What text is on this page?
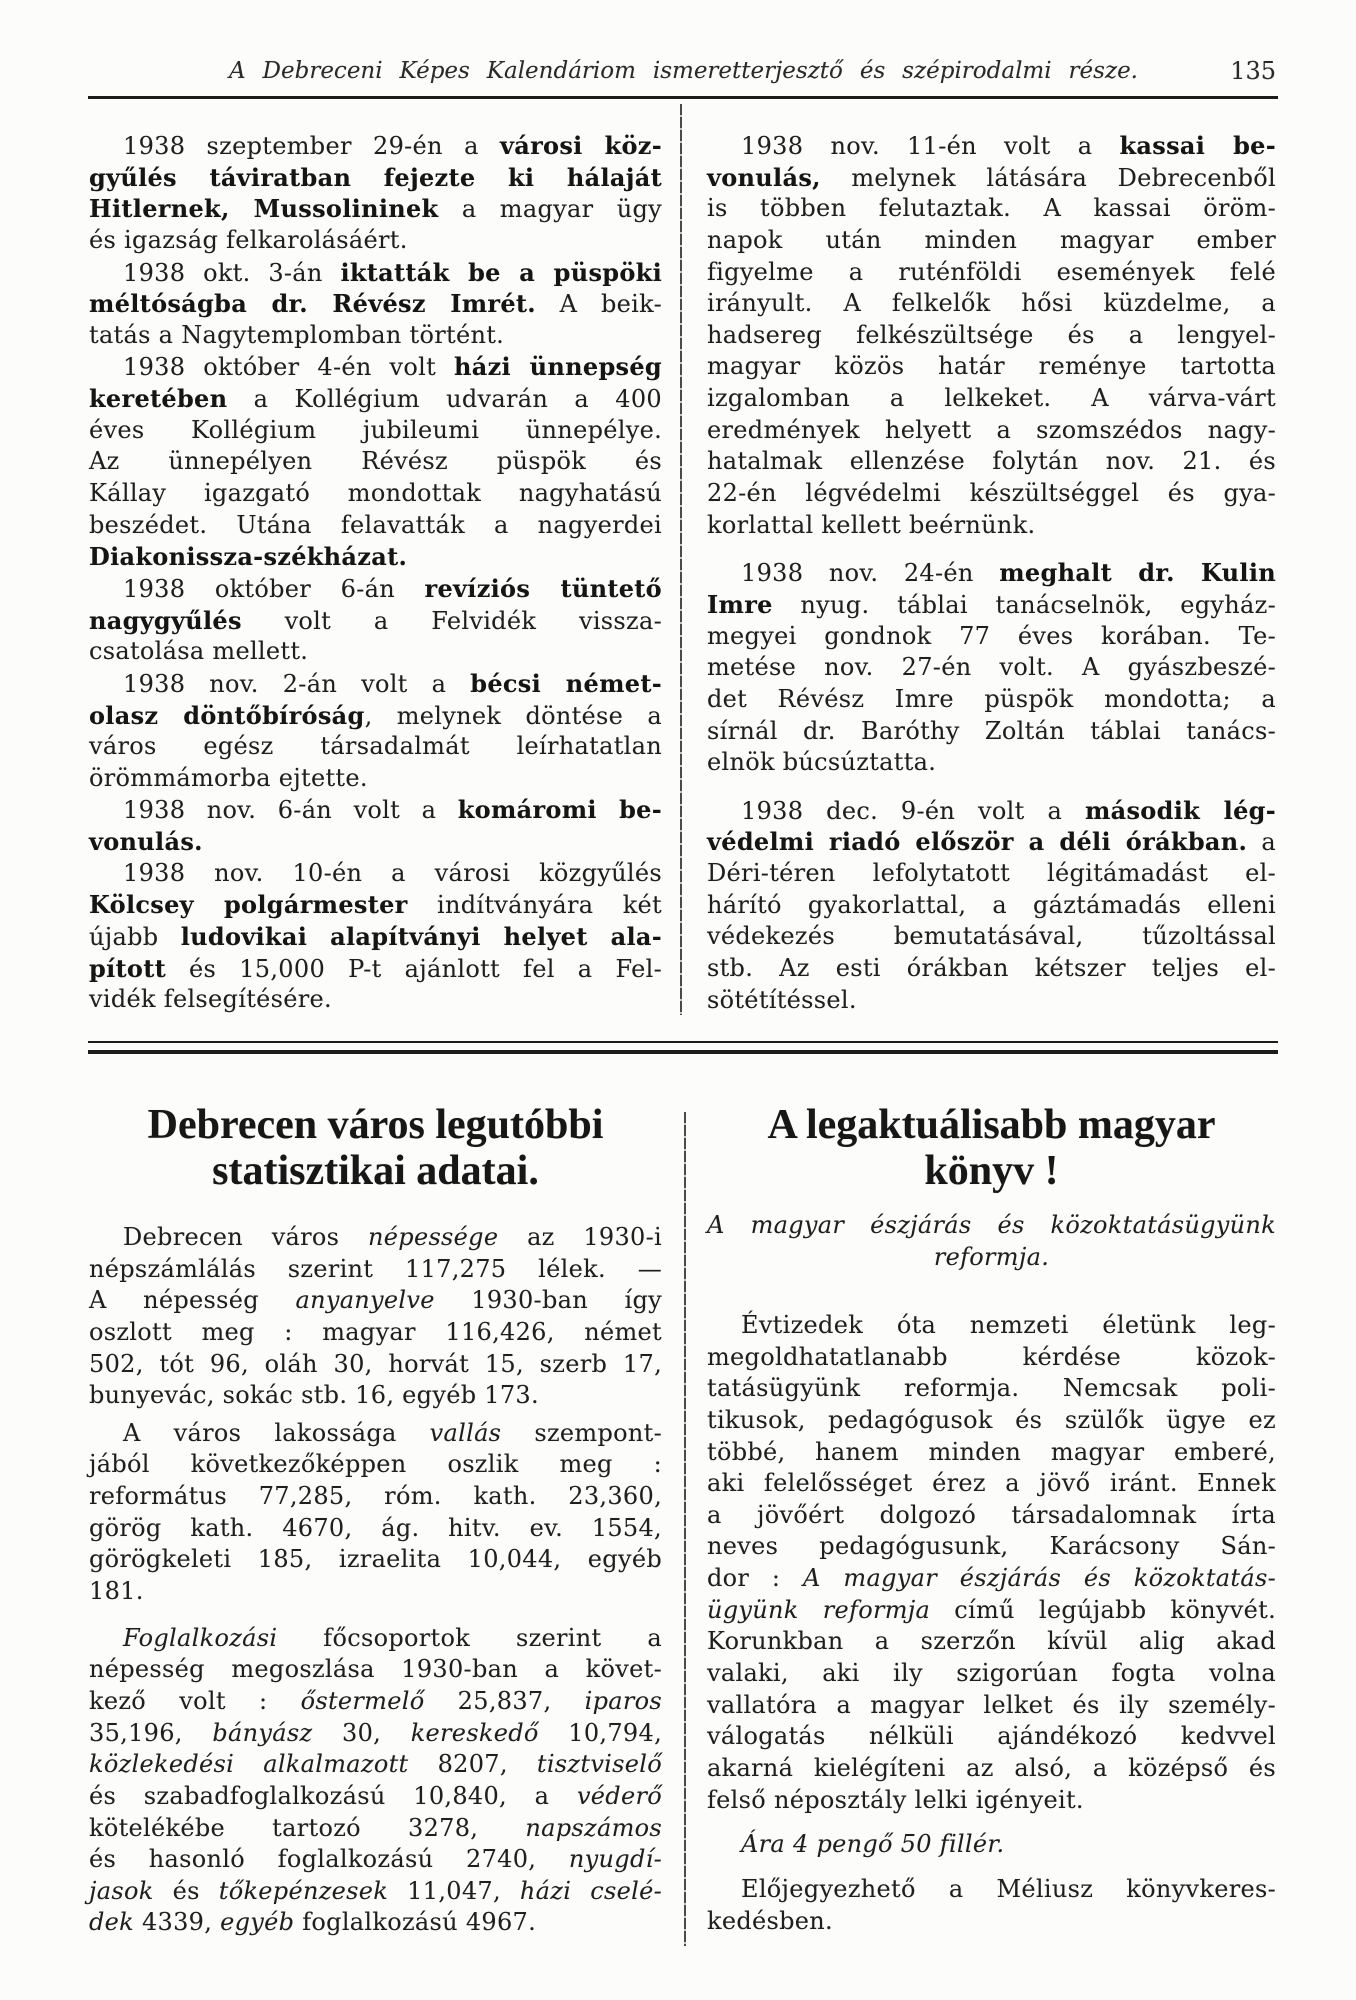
A Debreceni Képes Kalendáriom ismeretterjesztő és szépirodalmi része.	135
1938 szeptember 29-én a városi köz-
gyűlés táviratban fejezte ki hálaját
Hitlernek, Mussolininek a magyar ügy
és igazság felkarolásáért.
1938 okt. 3-án iktatták be a püspöki
méltóságba dr. Révész Imrét. A beik-
tatás a Nagytemplomban történt.
1938 október 4-én volt házi ünnepség
keretében a Kollégium udvarán a 400
éves Kollégium jubileumi ünnepélye.
Az ünnepélyen Révész püspök és
Kállay igazgató mondottak nagyhatású
beszédet. Utána felavatták a nagyerdei
Diakonissza-székházat.
1938 október 6-án revíziós tüntető
nagygyűlés volt a Felvidék vissza-
csatolása mellett.
1938 nov. 2-án volt a bécsi német-
olasz döntőbíróság, melynek döntése a
város egész társadalmát leírhatatlan
örömmámorba ejtette.
1938 nov. 6-án volt a komáromi be-
vonulás.
1938 nov. 10-én a városi közgyűlés
Kölcsey polgármester indítványára két
újabb ludovikai alapítványi helyet ala-
pított és 15,000 P-t ajánlott fel a Fel-
vidék felsegítésére.
1938 nov. 11-én volt a kassai be-
vonulás, melynek látására Debrecenből
is többen felutaztak. A kassai öröm-
napok után minden magyar ember
figyelme a ruténföldi események felé
irányult. A felkelők hősi küzdelme, a
hadsereg felkészültsége és a lengyel-
magyar közös határ reménye tartotta
izgalomban a lelkeket. A várva-várt
eredmények helyett a szomszédos nagy-
hatalmak ellenzése folytán nov. 21. és
22-én légvédelmi készültséggel és gya-
korlattal kellett beérnünk.
1938 nov. 24-én meghalt dr. Kulin
Imre nyug. táblai tanácselnök, egyház-
megyei gondnok 77 éves korában. Te-
metése nov. 27-én volt. A gyászbeszé-
det Révész Imre püspök mondotta; a
sírnál dr. Baróthy Zoltán táblai tanács-
elnök búcsúztatta.
1938 dec. 9-én volt a második lég-
védelmi riadó először a déli órákban. a
Déri-téren lefolytatott légitámadást el-
hárító gyakorlattal, a gáztámadás elleni
védekezés bemutatásával, tűzoltással
stb. Az esti órákban kétszer teljes el-
sötétítéssel.
Debrecen város legutóbbi
statisztikai adatai.
Debrecen város népessége az 1930-i
népszámlálás szerint 117,275 lélek. —
A népesség anyanyelve 1930-ban így
oszlott meg : magyar 116,426, német
502, tót 96, oláh 30, horvát 15, szerb 17,
bunyevác, sokác stb. 16, egyéb 173.
A város lakossága vallás szempont-
jából következőképpen oszlik meg :
református 77,285, róm. kath. 23,360,
görög kath. 4670, ág. hitv. ev. 1554,
görögkeleti 185, izraelita 10,044, egyéb
181.
Foglalkozási főcsoportok szerint a
népesség megoszlása 1930-ban a követ-
kező volt : őstermelő 25,837, iparos
35,196, bányász 30, kereskedő 10,794,
közlekedési alkalmazott 8207, tisztviselő
és szabadfoglalkozású 10,840, a véderő
kötelékébe tartozó 3278, napszámos
és hasonló foglalkozású 2740, nyugdí-
jasok és tőkepénzesek 11,047, házi cselé-
dek 4339, egyéb foglalkozású 4967.
A legaktuálisabb magyar
könyv !
A magyar észjárás és közoktatásügyünk
reformja.
Évtizedek óta nemzeti életünk leg-
megoldhatatlanabb kérdése közok-
tatásügyünk reformja. Nemcsak poli-
tikusok, pedagógusok és szülők ügye ez
többé, hanem minden magyar emberé,
aki felelősséget érez a jövő iránt. Ennek
a jövőért dolgozó társadalomnak írta
neves pedagógusunk, Karácsony Sán-
dor : A magyar észjárás és közoktatás-
ügyünk reformja című legújabb könyvét.
Korunkban a szerzőn kívül alig akad
valaki, aki ily szigorúan fogta volna
vallatóra a magyar lelket és ily személy-
válogatás nélküli ajándékozó kedvvel
akarná kielégíteni az alsó, a középső és
felső néposztály lelki igényeit.
Ára 4 pengő 50 fillér.
Előjegyezhető a Méliusz könyvkeres-
kedésben.
